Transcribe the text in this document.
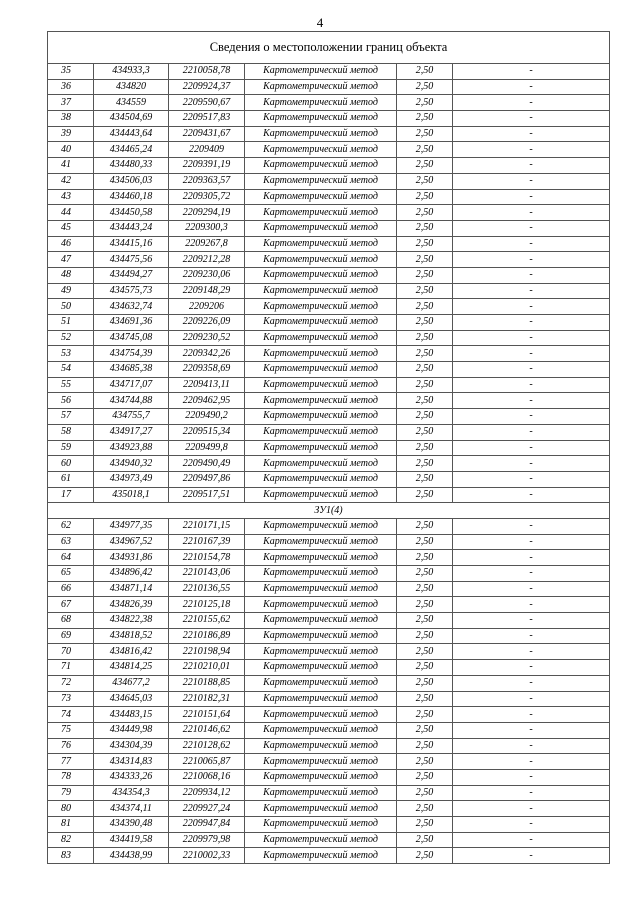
4
Сведения о местоположении границ объекта					
35	434933,3	2210058,78	Картометрический метод	2,50	-
36	434820	2209924,37	Картометрический метод	2,50	-
37	434559	2209590,67	Картометрический метод	2,50	-
38	434504,69	2209517,83	Картометрический метод	2,50	-
39	434443,64	2209431,67	Картометрический метод	2,50	-
40	434465,24	2209409	Картометрический метод	2,50	-
41	434480,33	2209391,19	Картометрический метод	2,50	-
42	434506,03	2209363,57	Картометрический метод	2,50	-
43	434460,18	2209305,72	Картометрический метод	2,50	-
44	434450,58	2209294,19	Картометрический метод	2,50	-
45	434443,24	2209300,3	Картометрический метод	2,50	-
46	434415,16	2209267,8	Картометрический метод	2,50	-
47	434475,56	2209212,28	Картометрический метод	2,50	-
48	434494,27	2209230,06	Картометрический метод	2,50	-
49	434575,73	2209148,29	Картометрический метод	2,50	-
50	434632,74	2209206	Картометрический метод	2,50	-
51	434691,36	2209226,09	Картометрический метод	2,50	-
52	434745,08	2209230,52	Картометрический метод	2,50	-
53	434754,39	2209342,26	Картометрический метод	2,50	-
54	434685,38	2209358,69	Картометрический метод	2,50	-
55	434717,07	2209413,11	Картометрический метод	2,50	-
56	434744,88	2209462,95	Картометрический метод	2,50	-
57	434755,7	2209490,2	Картометрический метод	2,50	-
58	434917,27	2209515,34	Картометрический метод	2,50	-
59	434923,88	2209499,8	Картометрический метод	2,50	-
60	434940,32	2209490,49	Картометрический метод	2,50	-
61	434973,49	2209497,86	Картометрический метод	2,50	-
17	435018,1	2209517,51	Картометрический метод	2,50	-
ЗУ1(4)					
62	434977,35	2210171,15	Картометрический метод	2,50	-
63	434967,52	2210167,39	Картометрический метод	2,50	-
64	434931,86	2210154,78	Картометрический метод	2,50	-
65	434896,42	2210143,06	Картометрический метод	2,50	-
66	434871,14	2210136,55	Картометрический метод	2,50	-
67	434826,39	2210125,18	Картометрический метод	2,50	-
68	434822,38	2210155,62	Картометрический метод	2,50	-
69	434818,52	2210186,89	Картометрический метод	2,50	-
70	434816,42	2210198,94	Картометрический метод	2,50	-
71	434814,25	2210210,01	Картометрический метод	2,50	-
72	434677,2	2210188,85	Картометрический метод	2,50	-
73	434645,03	2210182,31	Картометрический метод	2,50	-
74	434483,15	2210151,64	Картометрический метод	2,50	-
75	434449,98	2210146,62	Картометрический метод	2,50	-
76	434304,39	2210128,62	Картометрический метод	2,50	-
77	434314,83	2210065,87	Картометрический метод	2,50	-
78	434333,26	2210068,16	Картометрический метод	2,50	-
79	434354,3	2209934,12	Картометрический метод	2,50	-
80	434374,11	2209927,24	Картометрический метод	2,50	-
81	434390,48	2209947,84	Картометрический метод	2,50	-
82	434419,58	2209979,98	Картометрический метод	2,50	-
83	434438,99	2210002,33	Картометрический метод	2,50	-
